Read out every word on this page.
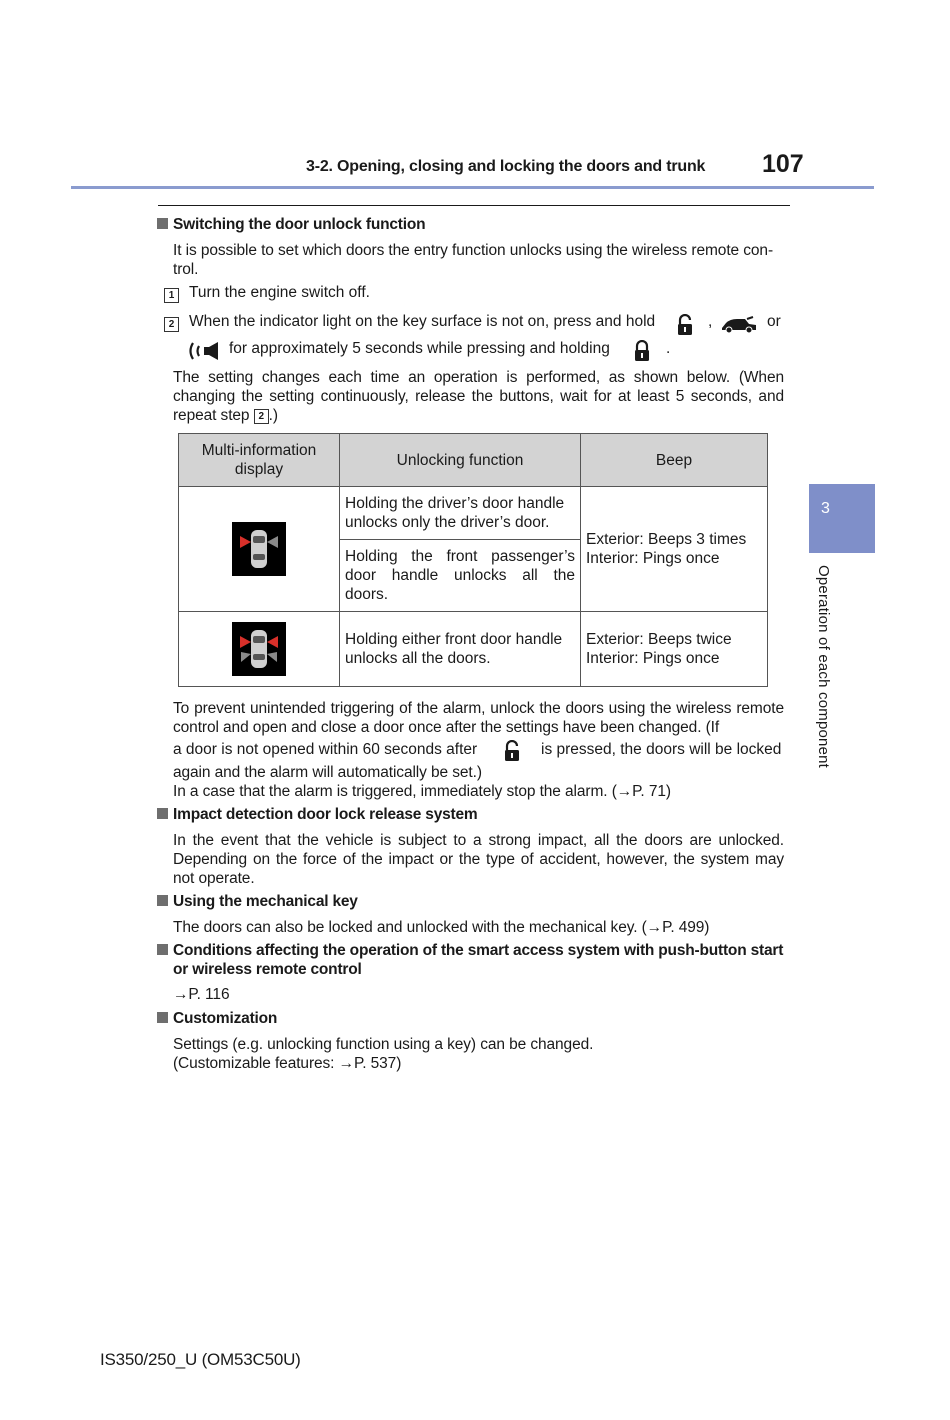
3-2. Opening, closing and locking the doors and trunk 107
3
Operation of each component
Switching the door unlock function
It is possible to set which doors the entry function unlocks using the wireless remote con-trol.
1 Turn the engine switch off.
2 When the indicator light on the key surface is not on, press and hold	,	or
for approximately 5 seconds while pressing and holding	.
The setting changes each time an operation is performed, as shown below. (When changing the setting continuously, release the buttons, wait for at least 5 seconds, and repeat step 2 .)
Multi-information display	Unlocking function	Beep

	Holding the driver’s door handle unlocks only the driver’s door.	Exterior: Beeps 3 times
Interior: Pings once

	Holding the front passenger’s door handle unlocks all the doors.	

	Holding either front door handle unlocks all the doors.	Exterior: Beeps twice
Interior: Pings once
To prevent unintended triggering of the alarm, unlock the doors using the wireless remote control and open and close a door once after the settings have been changed. (If
a door is not opened within 60 seconds after	is pressed, the doors will be locked
again and the alarm will automatically be set.)
In a case that the alarm is triggered, immediately stop the alarm. (→P. 71)
Impact detection door lock release system
In the event that the vehicle is subject to a strong impact, all the doors are unlocked. Depending on the force of the impact or the type of accident, however, the system may not operate.
Using the mechanical key
The doors can also be locked and unlocked with the mechanical key. (→P. 499)
Conditions affecting the operation of the smart access system with push-button start
or wireless remote control
→P. 116
Customization
Settings (e.g. unlocking function using a key) can be changed.
(Customizable features: →P. 537)
IS350/250_U (OM53C50U)
